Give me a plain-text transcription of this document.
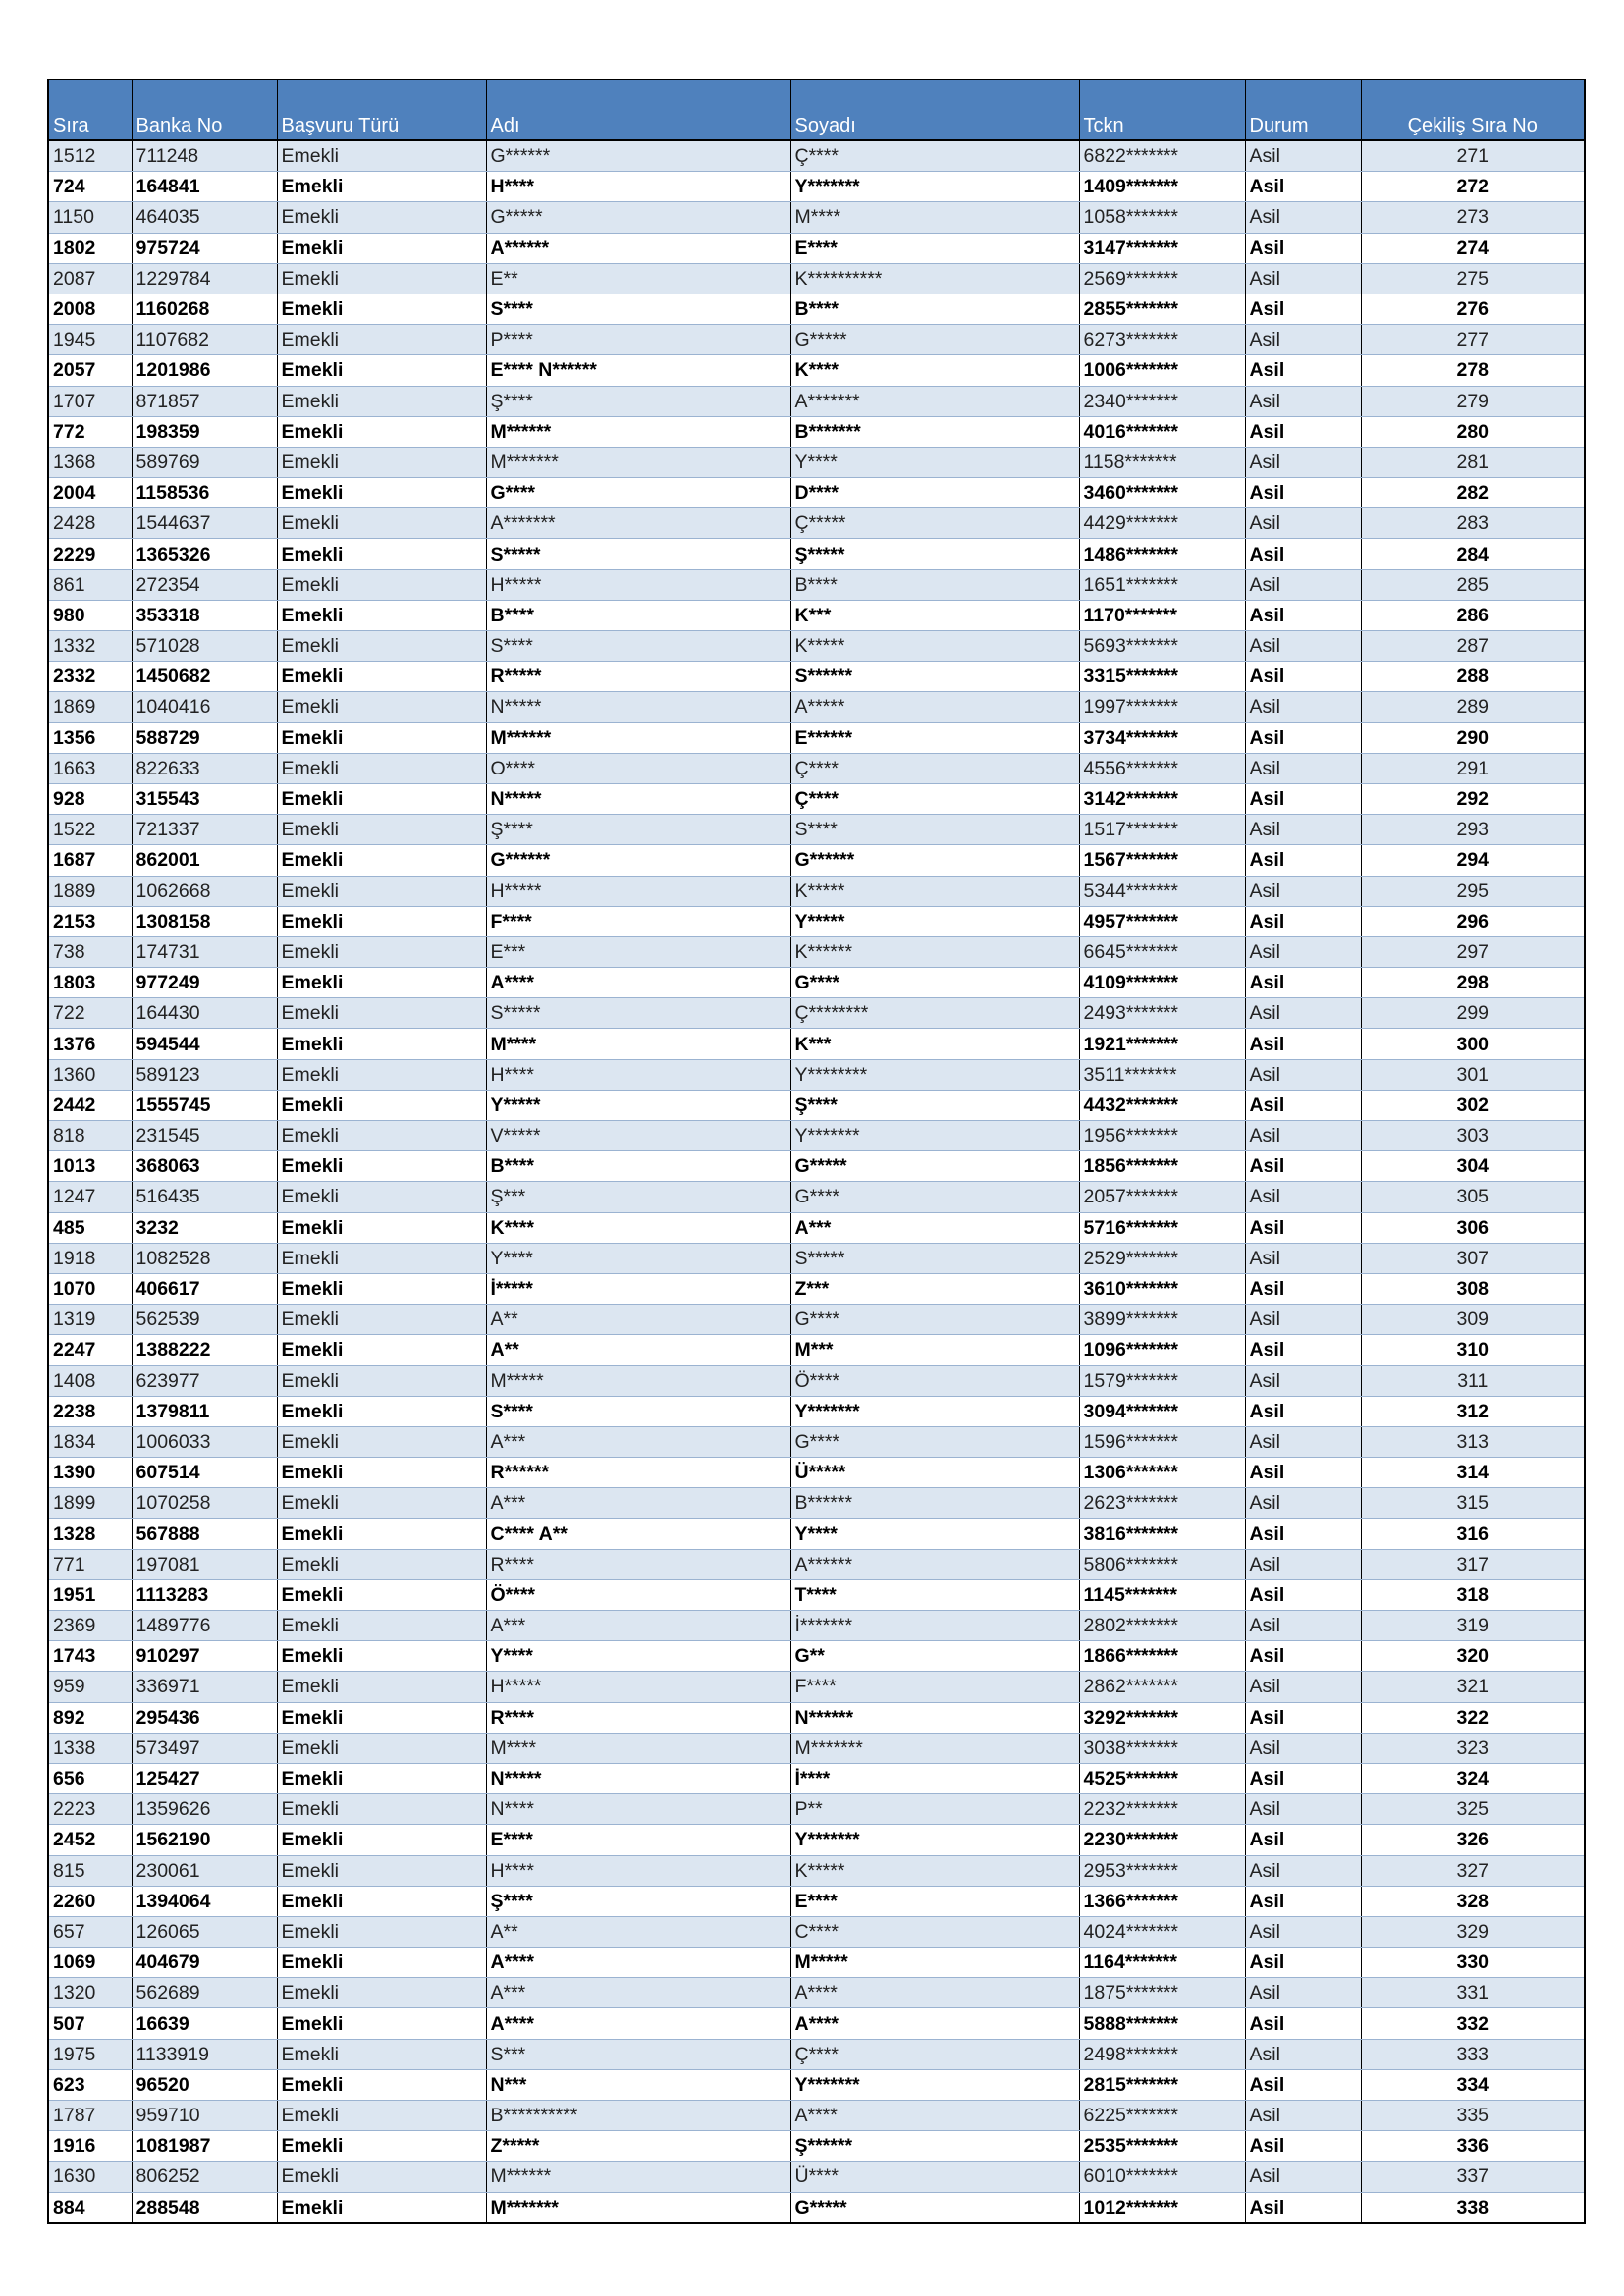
Sıra	Banka No	Başvuru Türü	Adı	Soyadı	Tckn	Durum	Çekiliş Sıra No
1512	711248	Emekli	G******	Ç****	6822*******	Asil	271
724	164841	Emekli	H****	Y*******	1409*******	Asil	272
1150	464035	Emekli	G*****	M****	1058*******	Asil	273
1802	975724	Emekli	A******	E****	3147*******	Asil	274
2087	1229784	Emekli	E**	K**********	2569*******	Asil	275
2008	1160268	Emekli	S****	B****	2855*******	Asil	276
1945	1107682	Emekli	P****	G*****	6273*******	Asil	277
2057	1201986	Emekli	E**** N******	K****	1006*******	Asil	278
1707	871857	Emekli	Ş****	A*******	2340*******	Asil	279
772	198359	Emekli	M******	B*******	4016*******	Asil	280
1368	589769	Emekli	M*******	Y****	1158*******	Asil	281
2004	1158536	Emekli	G****	D****	3460*******	Asil	282
2428	1544637	Emekli	A*******	Ç*****	4429*******	Asil	283
2229	1365326	Emekli	S*****	Ş*****	1486*******	Asil	284
861	272354	Emekli	H*****	B****	1651*******	Asil	285
980	353318	Emekli	B****	K***	1170*******	Asil	286
1332	571028	Emekli	S****	K*****	5693*******	Asil	287
2332	1450682	Emekli	R*****	S******	3315*******	Asil	288
1869	1040416	Emekli	N*****	A*****	1997*******	Asil	289
1356	588729	Emekli	M******	E******	3734*******	Asil	290
1663	822633	Emekli	O****	Ç****	4556*******	Asil	291
928	315543	Emekli	N*****	Ç****	3142*******	Asil	292
1522	721337	Emekli	Ş****	S****	1517*******	Asil	293
1687	862001	Emekli	G******	G******	1567*******	Asil	294
1889	1062668	Emekli	H*****	K*****	5344*******	Asil	295
2153	1308158	Emekli	F****	Y*****	4957*******	Asil	296
738	174731	Emekli	E***	K******	6645*******	Asil	297
1803	977249	Emekli	A****	G****	4109*******	Asil	298
722	164430	Emekli	S*****	Ç********	2493*******	Asil	299
1376	594544	Emekli	M****	K***	1921*******	Asil	300
1360	589123	Emekli	H****	Y********	3511*******	Asil	301
2442	1555745	Emekli	Y*****	Ş****	4432*******	Asil	302
818	231545	Emekli	V*****	Y*******	1956*******	Asil	303
1013	368063	Emekli	B****	G*****	1856*******	Asil	304
1247	516435	Emekli	Ş***	G****	2057*******	Asil	305
485	3232	Emekli	K****	A***	5716*******	Asil	306
1918	1082528	Emekli	Y****	S*****	2529*******	Asil	307
1070	406617	Emekli	İ*****	Z***	3610*******	Asil	308
1319	562539	Emekli	A**	G****	3899*******	Asil	309
2247	1388222	Emekli	A**	M***	1096*******	Asil	310
1408	623977	Emekli	M*****	Ö****	1579*******	Asil	311
2238	1379811	Emekli	S****	Y*******	3094*******	Asil	312
1834	1006033	Emekli	A***	G****	1596*******	Asil	313
1390	607514	Emekli	R******	Ü*****	1306*******	Asil	314
1899	1070258	Emekli	A***	B******	2623*******	Asil	315
1328	567888	Emekli	C**** A**	Y****	3816*******	Asil	316
771	197081	Emekli	R****	A******	5806*******	Asil	317
1951	1113283	Emekli	Ö****	T****	1145*******	Asil	318
2369	1489776	Emekli	A***	İ*******	2802*******	Asil	319
1743	910297	Emekli	Y****	G**	1866*******	Asil	320
959	336971	Emekli	H*****	F****	2862*******	Asil	321
892	295436	Emekli	R****	N******	3292*******	Asil	322
1338	573497	Emekli	M****	M*******	3038*******	Asil	323
656	125427	Emekli	N*****	İ****	4525*******	Asil	324
2223	1359626	Emekli	N****	P**	2232*******	Asil	325
2452	1562190	Emekli	E****	Y*******	2230*******	Asil	326
815	230061	Emekli	H****	K*****	2953*******	Asil	327
2260	1394064	Emekli	Ş****	E****	1366*******	Asil	328
657	126065	Emekli	A**	C****	4024*******	Asil	329
1069	404679	Emekli	A****	M*****	1164*******	Asil	330
1320	562689	Emekli	A***	A****	1875*******	Asil	331
507	16639	Emekli	A****	A****	5888*******	Asil	332
1975	1133919	Emekli	S***	Ç****	2498*******	Asil	333
623	96520	Emekli	N***	Y*******	2815*******	Asil	334
1787	959710	Emekli	B**********	A****	6225*******	Asil	335
1916	1081987	Emekli	Z*****	Ş******	2535*******	Asil	336
1630	806252	Emekli	M******	Ü****	6010*******	Asil	337
884	288548	Emekli	M*******	G*****	1012*******	Asil	338
